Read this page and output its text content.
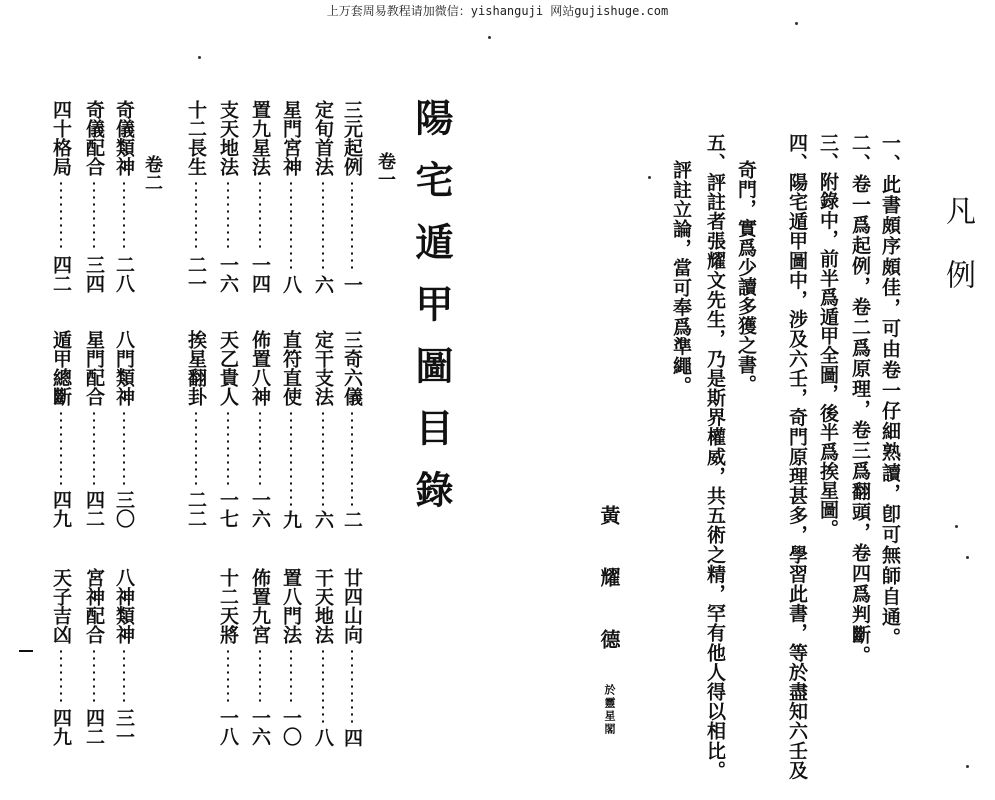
上万套周易教程请加微信：yishanguji 网站gujishuge.com
陽宅遁甲圖目錄
卷一
卷二	三元起例
一
定旬首法
六
星門宮神
八
置九星法
一四
支天地法
一六
十二長生
二一
三奇六儀
二
定干支法
六
直符直使
九
佈置八神
一六
天乙貴人
一七
挨星翻卦
二二
廿四山向
四
干天地法
八
置八門法
一〇
佈置九宮
一六
十二天將
一八
奇儀類神
二八
奇儀配合
三四
四十格局
四二
八門類神
三〇
星門配合
四二
遁甲總斷
四九
八神類神
三一
宮神配合
四二
天子吉凶
四九
凡例
一、此書頗序頗佳，可由卷一仔細熟讀，卽可無師自通。
二、卷一爲起例，卷二爲原理，卷三爲翻頭，卷四爲判斷。
三、附錄中，前半爲遁甲全圖，後半爲挨星圖。
四、陽宅遁甲圖中，涉及六壬，奇門原理甚多，學習此書，等於盡知六壬及
奇門，實爲少讀多獲之書。
五、評註者張耀文先生，乃是斯界權威，共五術之精，罕有他人得以相比。
評註立論，當可奉爲準繩。
黃耀德
於靈星閣
